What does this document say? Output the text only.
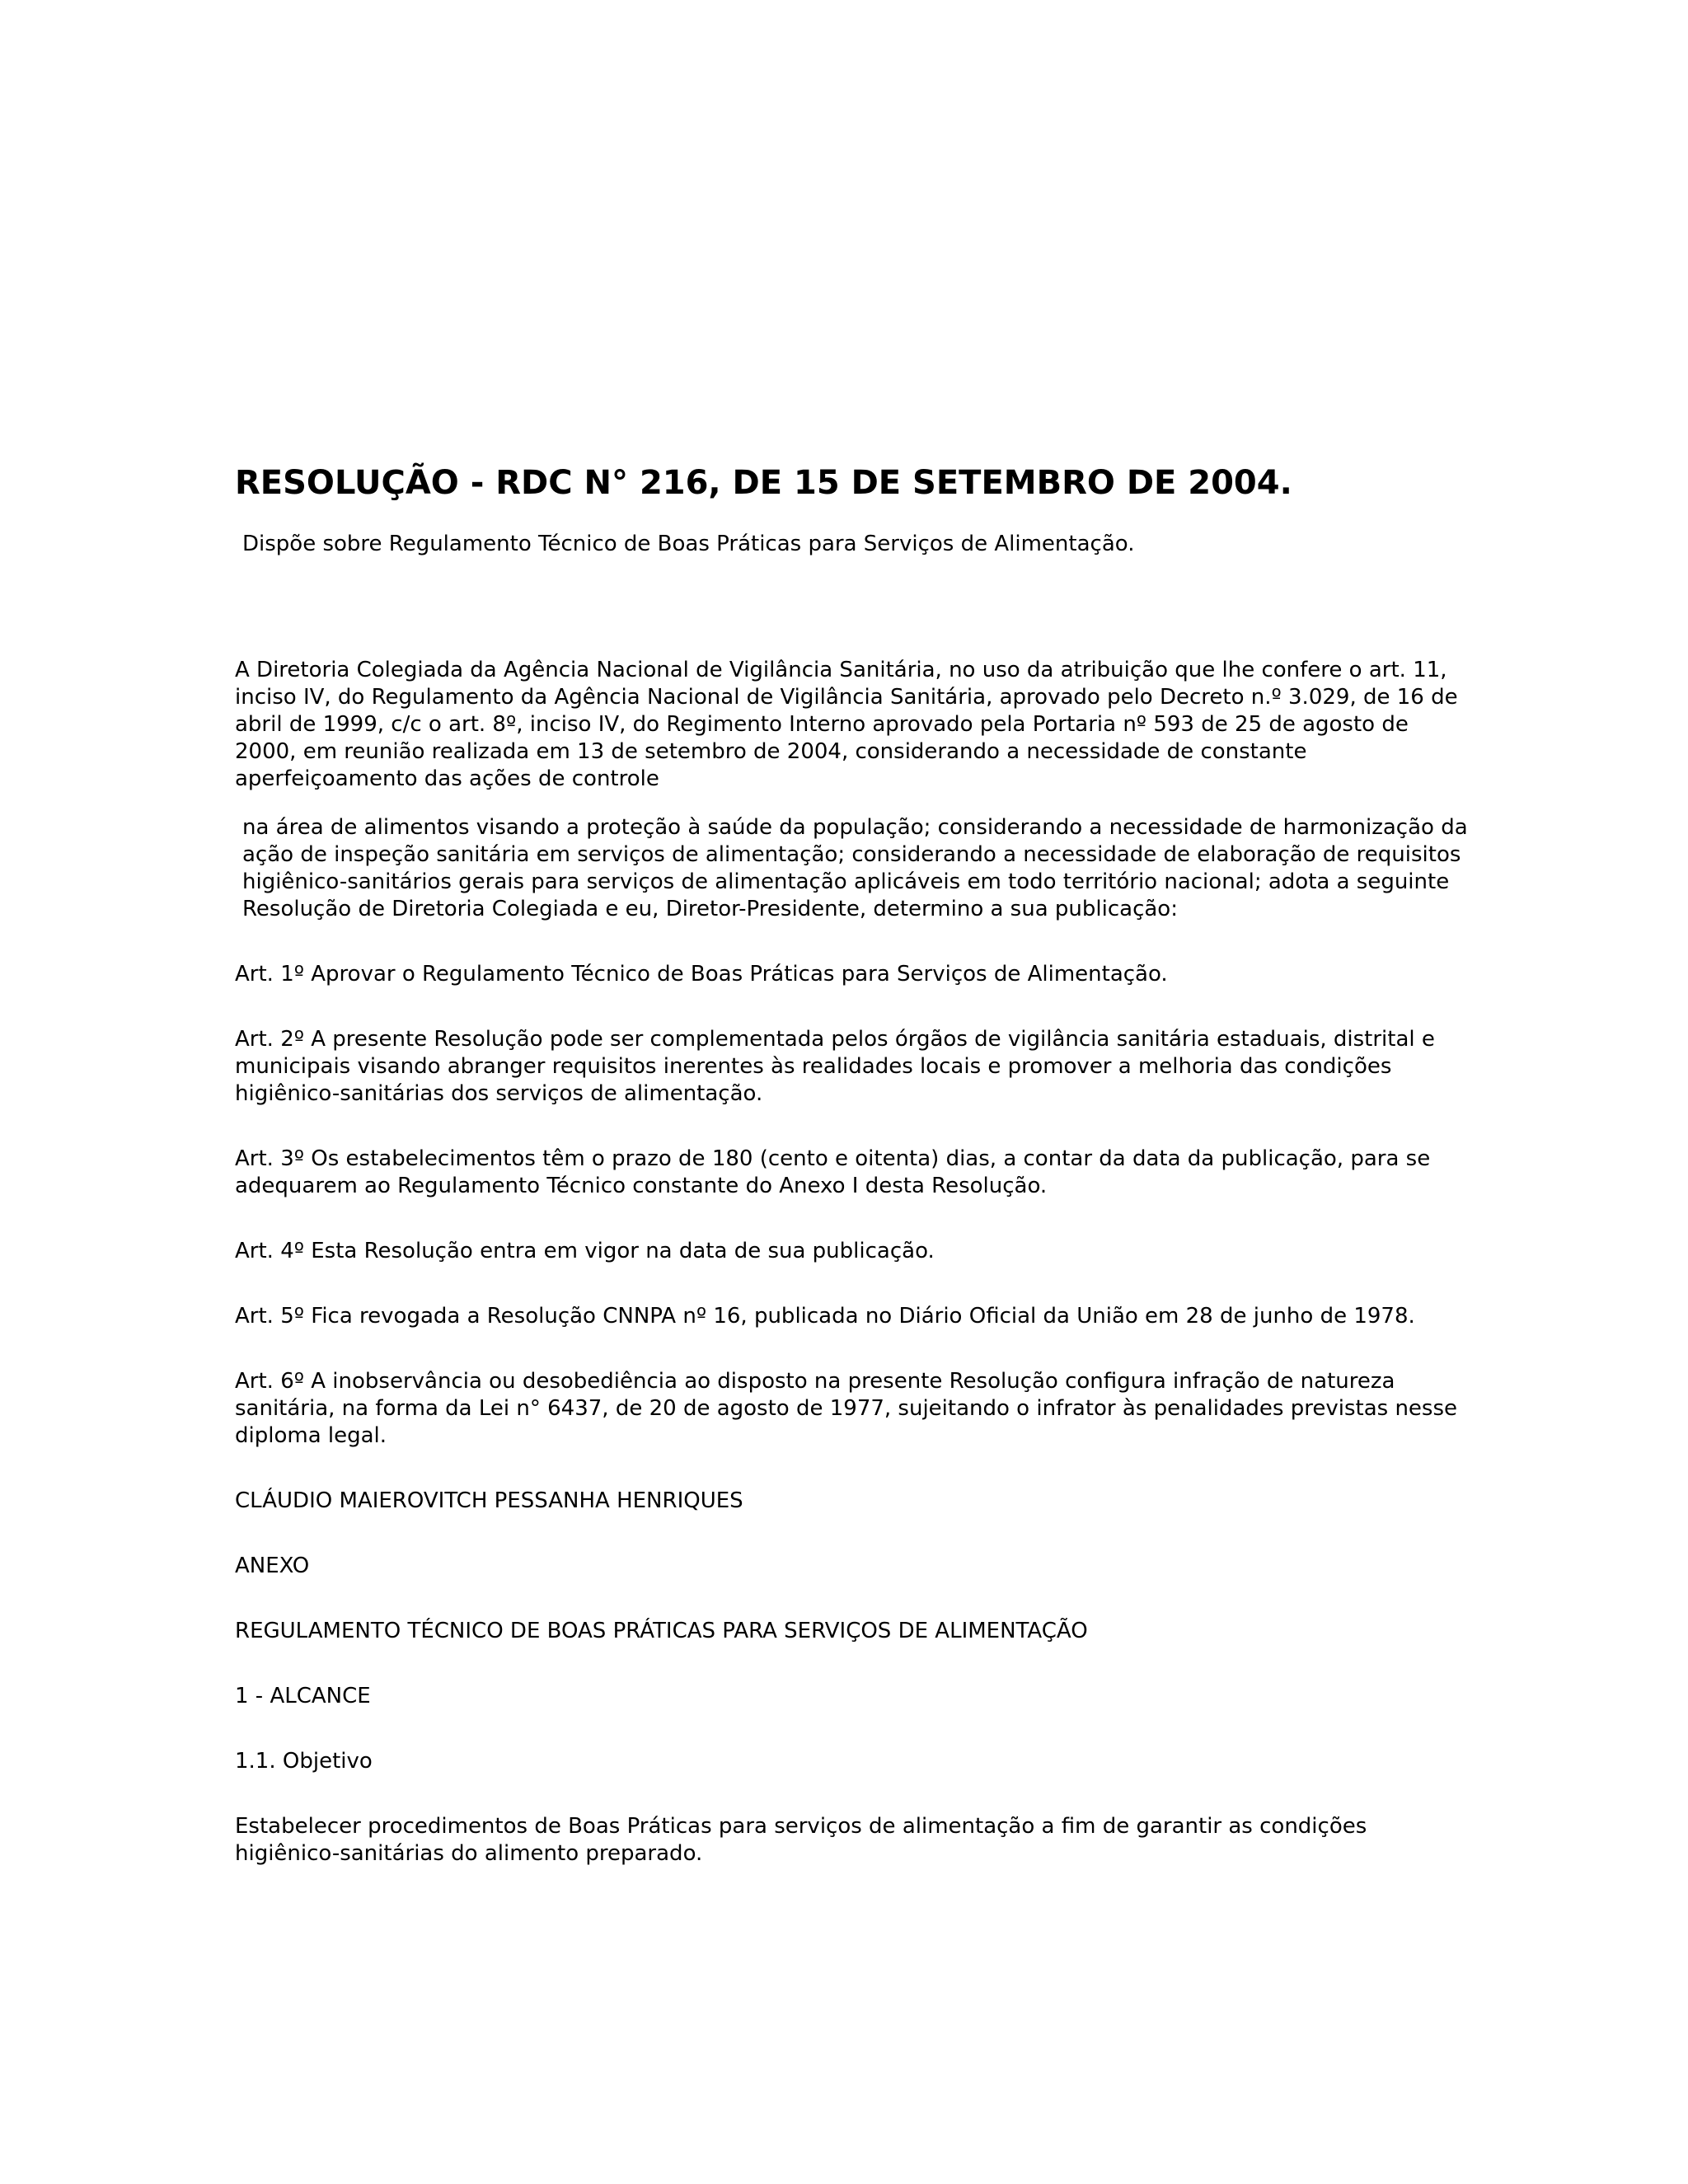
RESOLUÇÃO - RDC N° 216, DE 15 DE SETEMBRO DE 2004.
Dispõe sobre Regulamento Técnico de Boas Práticas para Serviços de Alimentação.

A Diretoria Colegiada da Agência Nacional de Vigilância Sanitária, no uso da atribuição que lhe confere o art. 11, inciso IV, do Regulamento da Agência Nacional de Vigilância Sanitária, aprovado pelo Decreto n.º 3.029, de 16 de abril de 1999, c/c o art. 8º, inciso IV, do Regimento Interno aprovado pela Portaria nº 593 de 25 de agosto de 2000, em reunião realizada em 13 de setembro de 2004, considerando a necessidade de constante aperfeiçoamento das ações de controle

na área de alimentos visando a proteção à saúde da população; considerando a necessidade de harmonização da ação de inspeção sanitária em serviços de alimentação; considerando a necessidade de elaboração de requisitos higiênico-sanitários gerais para serviços de alimentação aplicáveis em todo território nacional; adota a seguinte Resolução de Diretoria Colegiada e eu, Diretor-Presidente, determino a sua publicação:

Art. 1º Aprovar o Regulamento Técnico de Boas Práticas para Serviços de Alimentação.

Art. 2º A presente Resolução pode ser complementada pelos órgãos de vigilância sanitária estaduais, distrital e municipais visando abranger requisitos inerentes às realidades locais e promover a melhoria das condições higiênico-sanitárias dos serviços de alimentação.

Art. 3º Os estabelecimentos têm o prazo de 180 (cento e oitenta) dias, a contar da data da publicação, para se adequarem ao Regulamento Técnico constante do Anexo I desta Resolução.

Art. 4º Esta Resolução entra em vigor na data de sua publicação.

Art. 5º Fica revogada a Resolução CNNPA nº 16, publicada no Diário Oficial da União em 28 de junho de 1978.

Art. 6º A inobservância ou desobediência ao disposto na presente Resolução configura infração de natureza sanitária, na forma da Lei n° 6437, de 20 de agosto de 1977, sujeitando o infrator às penalidades previstas nesse diploma legal.

CLÁUDIO MAIEROVITCH PESSANHA HENRIQUES

ANEXO

REGULAMENTO TÉCNICO DE BOAS PRÁTICAS PARA SERVIÇOS DE ALIMENTAÇÃO

1 - ALCANCE

1.1. Objetivo

Estabelecer procedimentos de Boas Práticas para serviços de alimentação a fim de garantir as condições higiênico-sanitárias do alimento preparado.
